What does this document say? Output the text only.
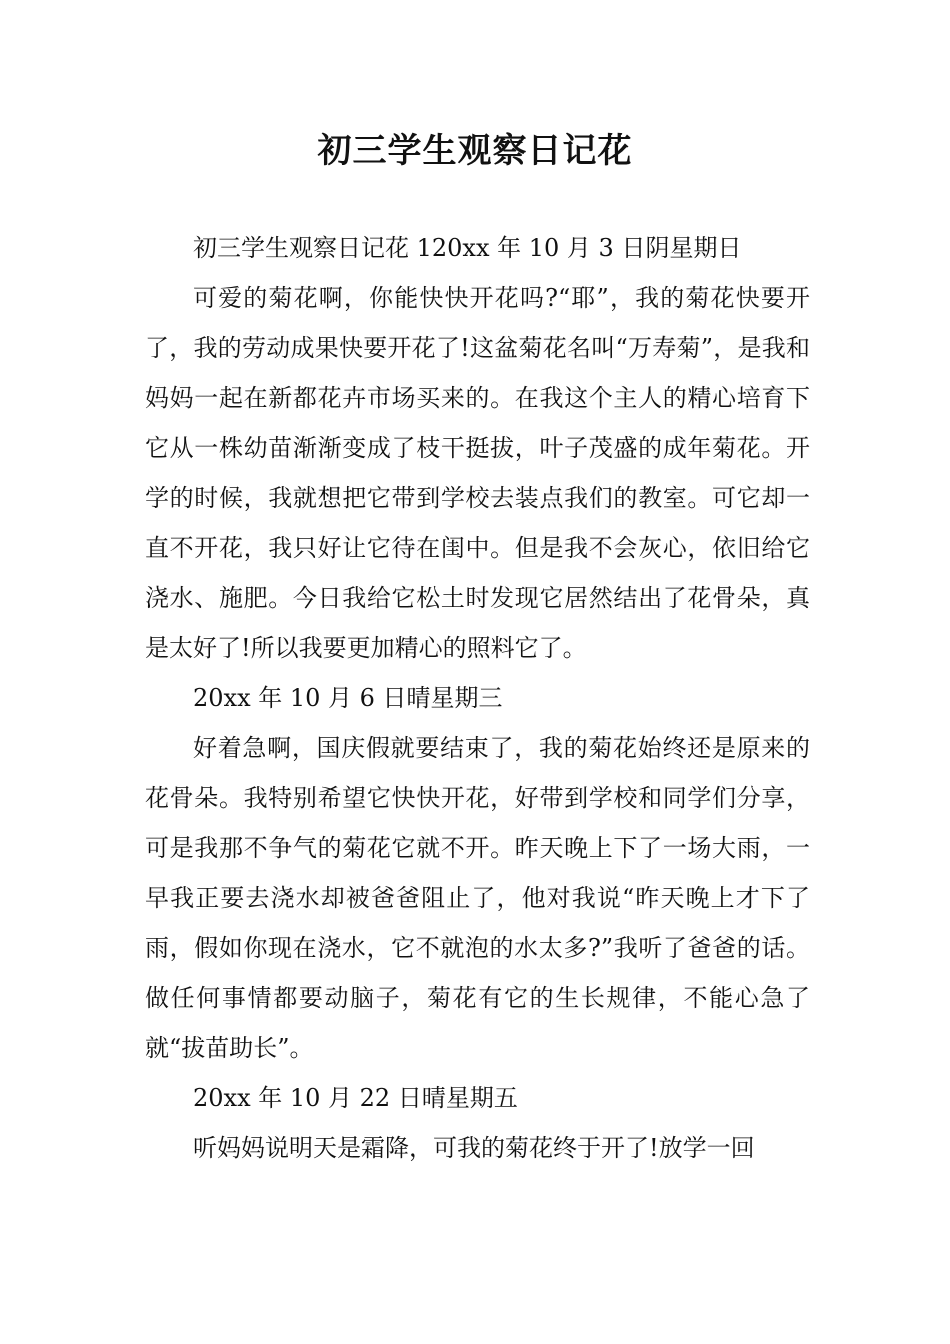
初三学生观察日记花

初三学生观察日记花 120xx 年 10 月 3 日阴星期日

可爱的菊花啊，你能快快开花吗?“耶”，我的菊花快要开了，我的劳动成果快要开花了!这盆菊花名叫“万寿菊”，是我和妈妈一起在新都花卉市场买来的。在我这个主人的精心培育下它从一株幼苗渐渐变成了枝干挺拔，叶子茂盛的成年菊花。开学的时候，我就想把它带到学校去装点我们的教室。可它却一直不开花，我只好让它待在闺中。但是我不会灰心，依旧给它浇水、施肥。今日我给它松土时发现它居然结出了花骨朵，真是太好了!所以我要更加精心的照料它了。

20xx 年 10 月 6 日晴星期三

好着急啊，国庆假就要结束了，我的菊花始终还是原来的花骨朵。我特别希望它快快开花，好带到学校和同学们分享，可是我那不争气的菊花它就不开。昨天晚上下了一场大雨，一早我正要去浇水却被爸爸阻止了，他对我说“昨天晚上才下了雨，假如你现在浇水，它不就泡的水太多?”我听了爸爸的话。做任何事情都要动脑子，菊花有它的生长规律，不能心急了就“拔苗助长”。

20xx 年 10 月 22 日晴星期五

听妈妈说明天是霜降，可我的菊花终于开了!放学一回
